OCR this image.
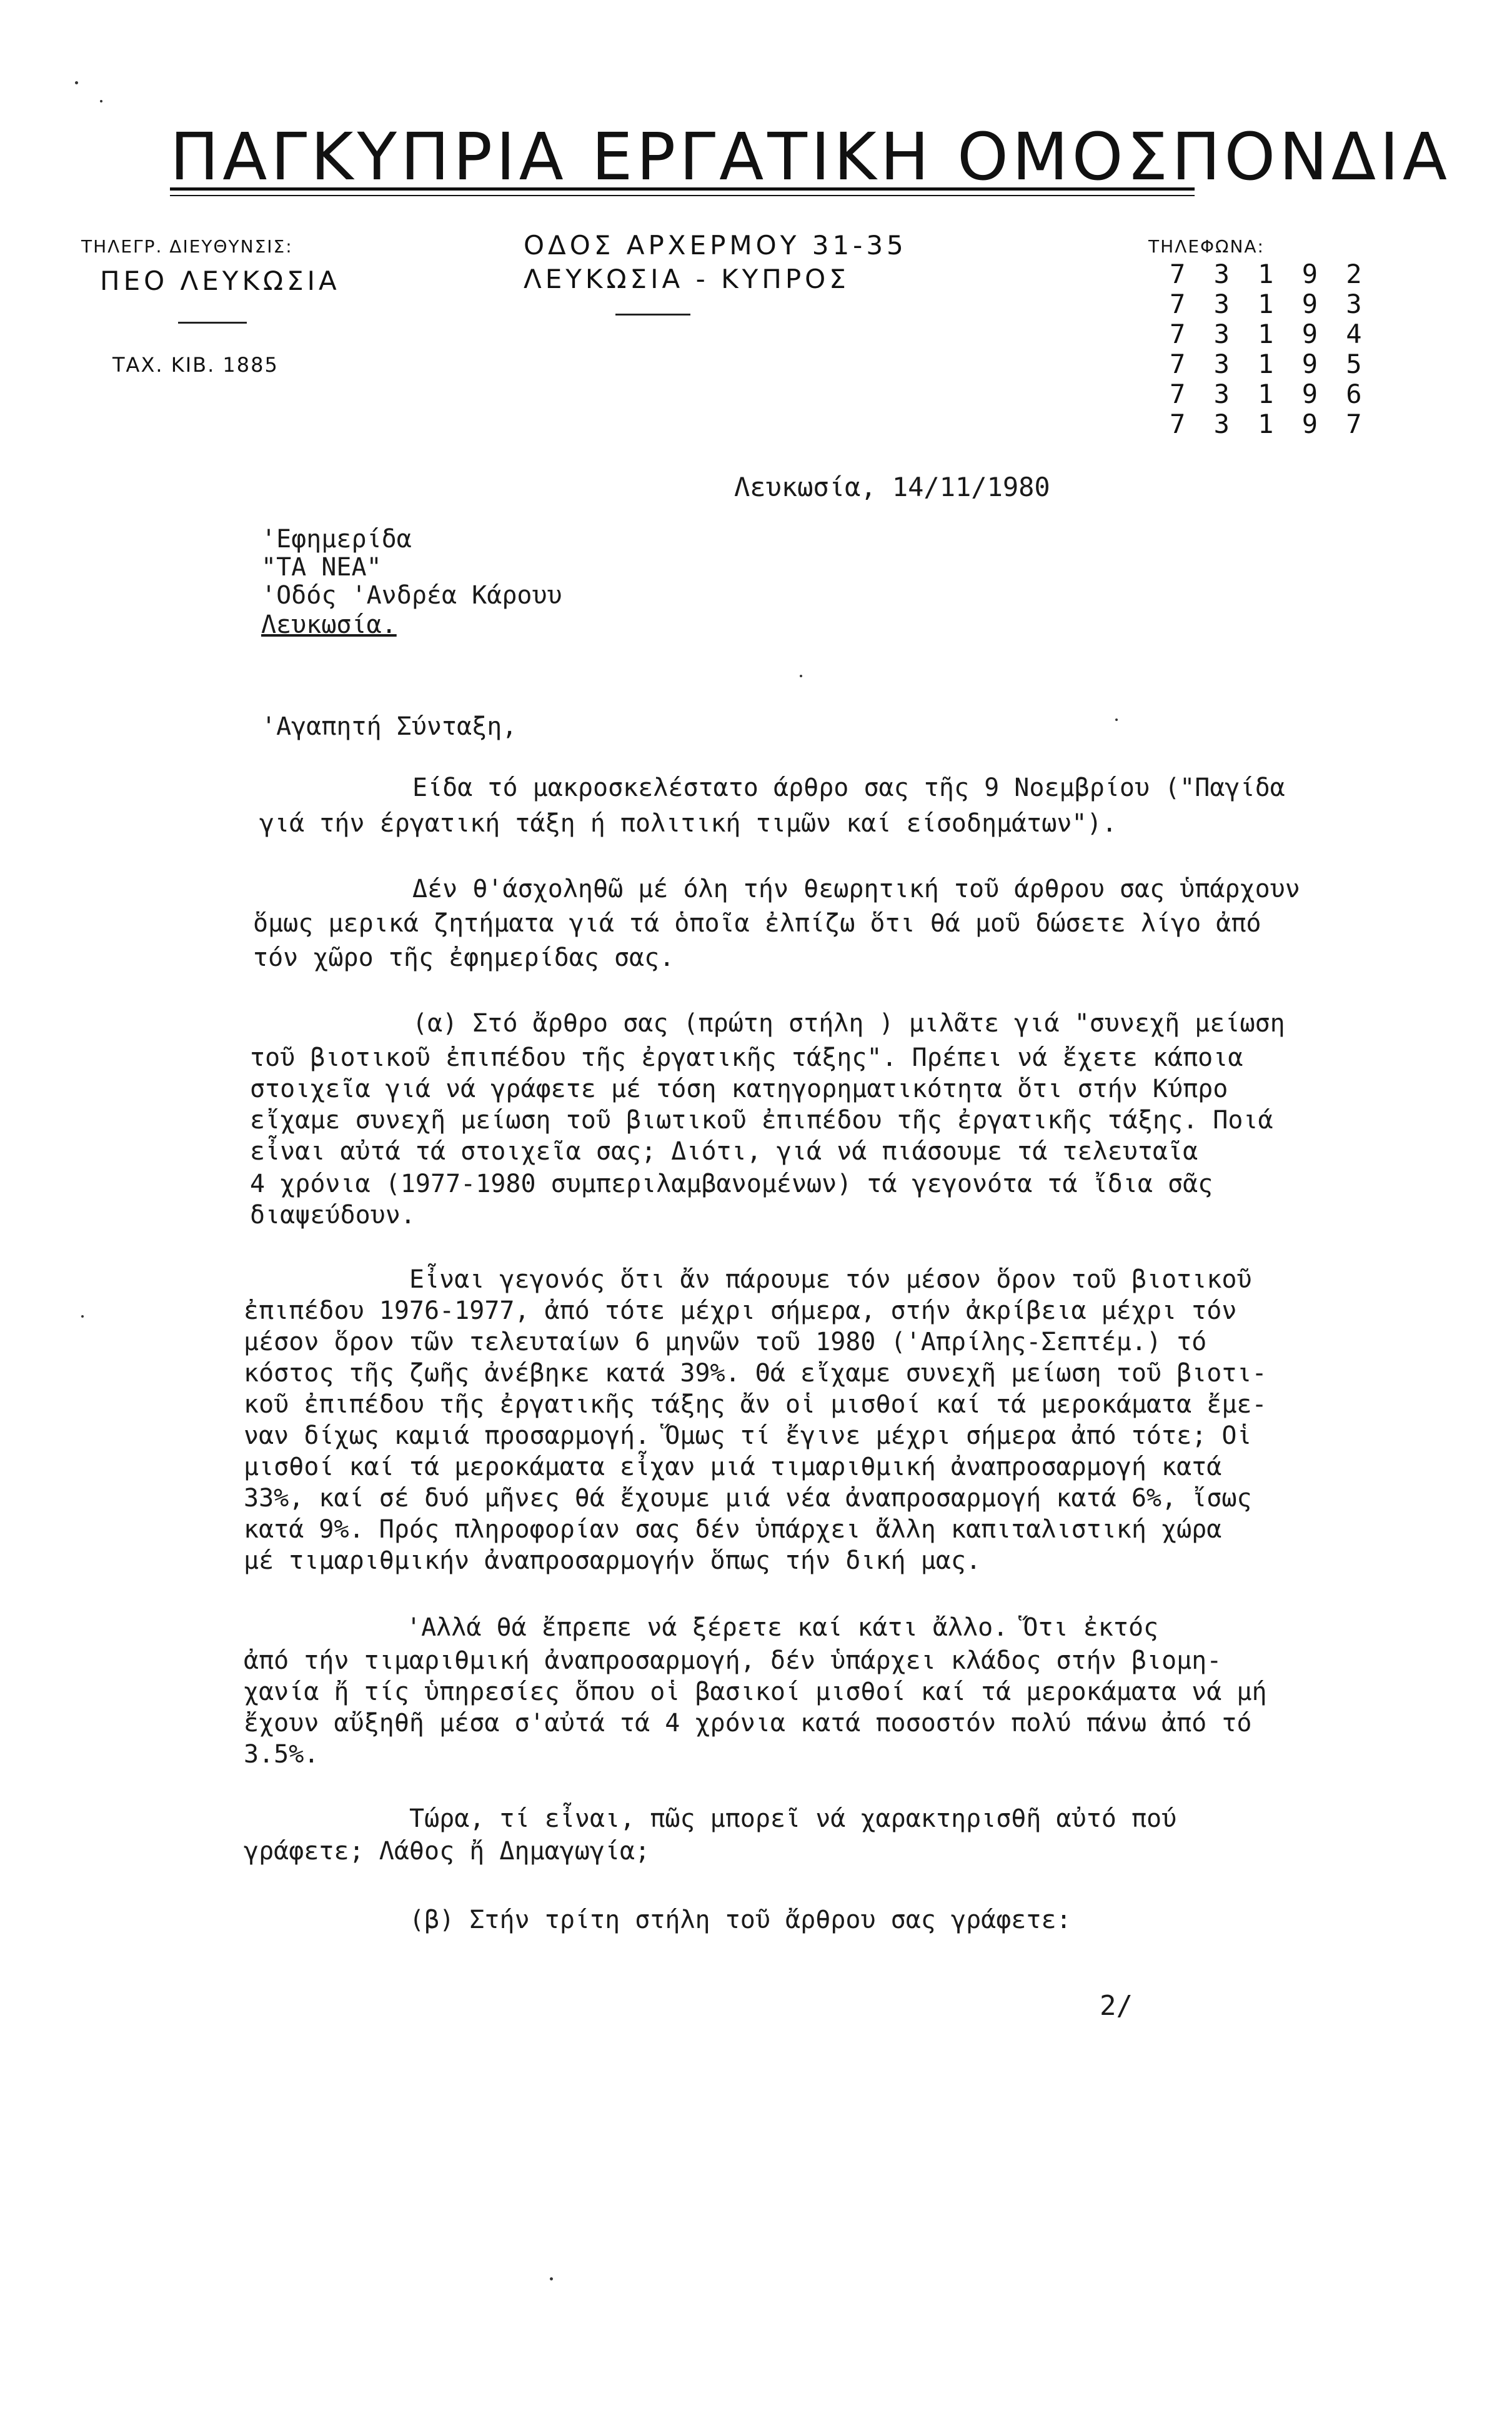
ΠΑΓΚΥΠΡΙΑ ΕΡΓΑΤΙΚΗ ΟΜΟΣΠΟΝΔΙΑ
ΤΗΛΕΓΡ. ΔΙΕΥΘΥΝΣΙΣ:
ΠΕΟ ΛΕΥΚΩΣΙΑ
ΤΑΧ. ΚΙΒ. 1885
ΟΔΟΣ ΑΡΧΕΡΜΟΥ 31-35
ΛΕΥΚΩΣΙΑ - ΚΥΠΡΟΣ
ΤΗΛΕΦΩΝΑ:
7 3 1 9 2
7 3 1 9 3
7 3 1 9 4
7 3 1 9 5
7 3 1 9 6
7 3 1 9 7
Λευκωσία, 14/11/1980
'Εφημερίδα
"ΤΑ ΝΕΑ"
'Οδός 'Ανδρέα Κάρουυ
Λευκωσία.
'Αγαπητή Σύνταξη,
Είδα τό μακροσκελέστατο άρθρο σας τῆς 9 Νοεμβρίου ("Παγίδα
γιά τήν έργατική τάξη ή πολιτική τιμῶν καί είσοδημάτων").
Δέν θ'άσχοληθῶ μέ όλη τήν θεωρητική τοῦ άρθρου σας ὑπάρχουν
ὅμως μερικά ζητήματα γιά τά ὁποῖα ἐλπίζω ὅτι θά μοῦ δώσετε λίγο ἀπό
τόν χῶρο τῆς ἐφημερίδας σας.
(α) Στό ἄρθρο σας (πρώτη στήλη ) μιλᾶτε γιά "συνεχῆ μείωση
τοῦ βιοτικοῦ ἐπιπέδου τῆς ἐργατικῆς τάξης". Πρέπει νά ἔχετε κάποια
στοιχεῖα γιά νά γράφετε μέ τόση κατηγορηματικότητα ὅτι στήν Κύπρο
εἴχαμε συνεχῆ μείωση τοῦ βιωτικοῦ ἐπιπέδου τῆς ἐργατικῆς τάξης. Ποιά
εἶναι αὐτά τά στοιχεῖα σας; Διότι, γιά νά πιάσουμε τά τελευταῖα
4 χρόνια (1977-1980 συμπεριλαμβανομένων) τά γεγονότα τά ἴδια σᾶς
διαψεύδουν.
Εἶναι γεγονός ὅτι ἄν πάρουμε τόν μέσον ὅρον τοῦ βιοτικοῦ
ἐπιπέδου 1976-1977, ἀπό τότε μέχρι σήμερα, στήν ἀκρίβεια μέχρι τόν
μέσον ὅρον τῶν τελευταίων 6 μηνῶν τοῦ 1980 ('Απρίλης-Σεπτέμ.) τό
κόστος τῆς ζωῆς ἀνέβηκε κατά 39%. Θά εἴχαμε συνεχῆ μείωση τοῦ βιοτι-
κοῦ ἐπιπέδου τῆς ἐργατικῆς τάξης ἄν οἱ μισθοί καί τά μεροκάματα ἔμε-
ναν δίχως καμιά προσαρμογή. Ὅμως τί ἔγινε μέχρι σήμερα ἀπό τότε; Οἱ
μισθοί καί τά μεροκάματα εἶχαν μιά τιμαριθμική ἀναπροσαρμογή κατά
33%, καί σέ δυό μῆνες θά ἔχουμε μιά νέα ἀναπροσαρμογή κατά 6%, ἴσως
κατά 9%. Πρός πληροφορίαν σας δέν ὑπάρχει ἄλλη καπιταλιστική χώρα
μέ τιμαριθμικήν ἀναπροσαρμογήν ὅπως τήν δική μας.
'Αλλά θά ἔπρεπε νά ξέρετε καί κάτι ἄλλο. Ὅτι ἐκτός
ἀπό τήν τιμαριθμική ἀναπροσαρμογή, δέν ὑπάρχει κλάδος στήν βιομη-
χανία ἤ τίς ὑπηρεσίες ὅπου οἱ βασικοί μισθοί καί τά μεροκάματα νά μή
ἔχουν αὔξηθῆ μέσα σ'αὐτά τά 4 χρόνια κατά ποσοστόν πολύ πάνω ἀπό τό
3.5%.
Τώρα, τί εἶναι, πῶς μπορεῖ νά χαρακτηρισθῆ αὐτό πού
γράφετε; Λάθος ἤ Δημαγωγία;
(β) Στήν τρίτη στήλη τοῦ ἄρθρου σας γράφετε:
2/
